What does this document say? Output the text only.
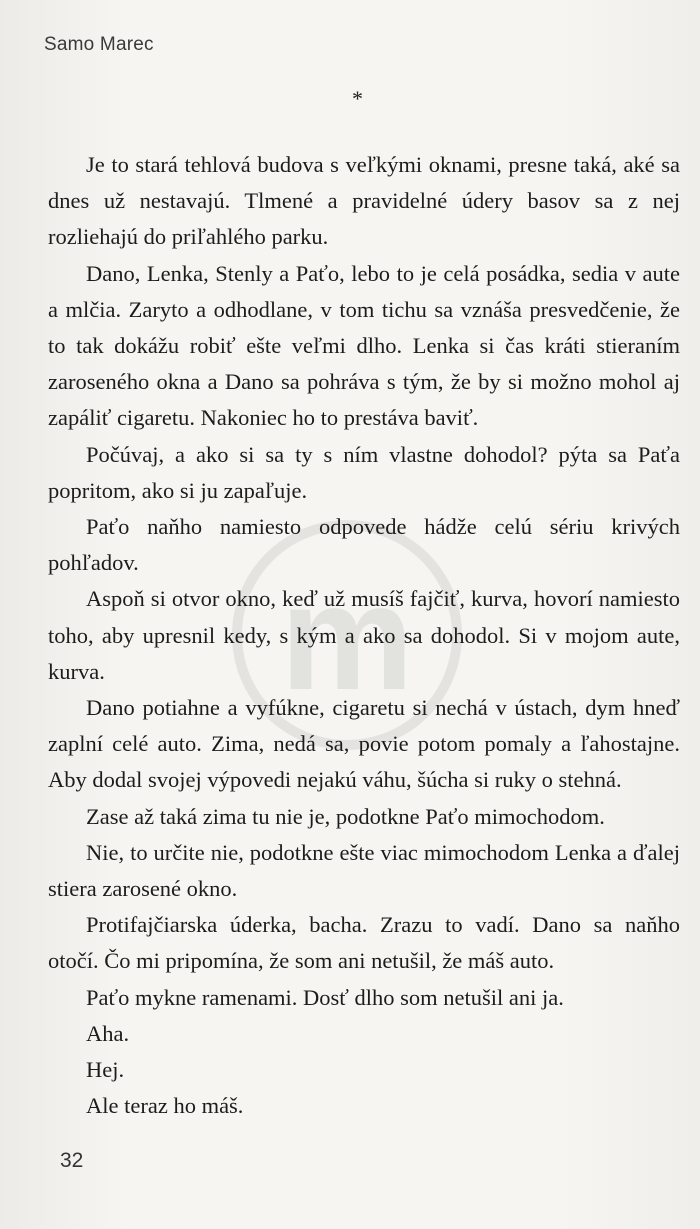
Samo Marec
*
m

Je to stará tehlová budova s veľkými oknami, presne taká, aké sa dnes už nestavajú. Tlmené a pravidelné údery basov sa z nej rozliehajú do priľahlého parku.

Dano, Lenka, Stenly a Paťo, lebo to je celá posádka, sedia v aute a mlčia. Zaryto a odhodlane, v tom tichu sa vznáša presvedčenie, že to tak dokážu robiť ešte veľmi dlho. Lenka si čas kráti stieraním zaroseného okna a Dano sa pohráva s tým, že by si možno mohol aj zapáliť cigaretu. Nakoniec ho to prestáva baviť.

Počúvaj, a ako si sa ty s ním vlastne dohodol? pýta sa Paťa popritom, ako si ju zapaľuje.

Paťo naňho namiesto odpovede hádže celú sériu krivých pohľadov.

Aspoň si otvor okno, keď už musíš fajčiť, kurva, hovorí namiesto toho, aby upresnil kedy, s kým a ako sa dohodol. Si v mojom aute, kurva.

Dano potiahne a vyfúkne, cigaretu si nechá v ústach, dym hneď zaplní celé auto. Zima, nedá sa, povie potom pomaly a ľahostajne. Aby dodal svojej výpovedi nejakú váhu, šúcha si ruky o stehná.

Zase až taká zima tu nie je, podotkne Paťo mimochodom.

Nie, to určite nie, podotkne ešte viac mimochodom Lenka a ďalej stiera zarosené okno.

Protifajčiarska úderka, bacha. Zrazu to vadí. Dano sa naňho otočí. Čo mi pripomína, že som ani netušil, že máš auto.

Paťo mykne ramenami. Dosť dlho som netušil ani ja.

Aha.

Hej.

Ale teraz ho máš.

32
